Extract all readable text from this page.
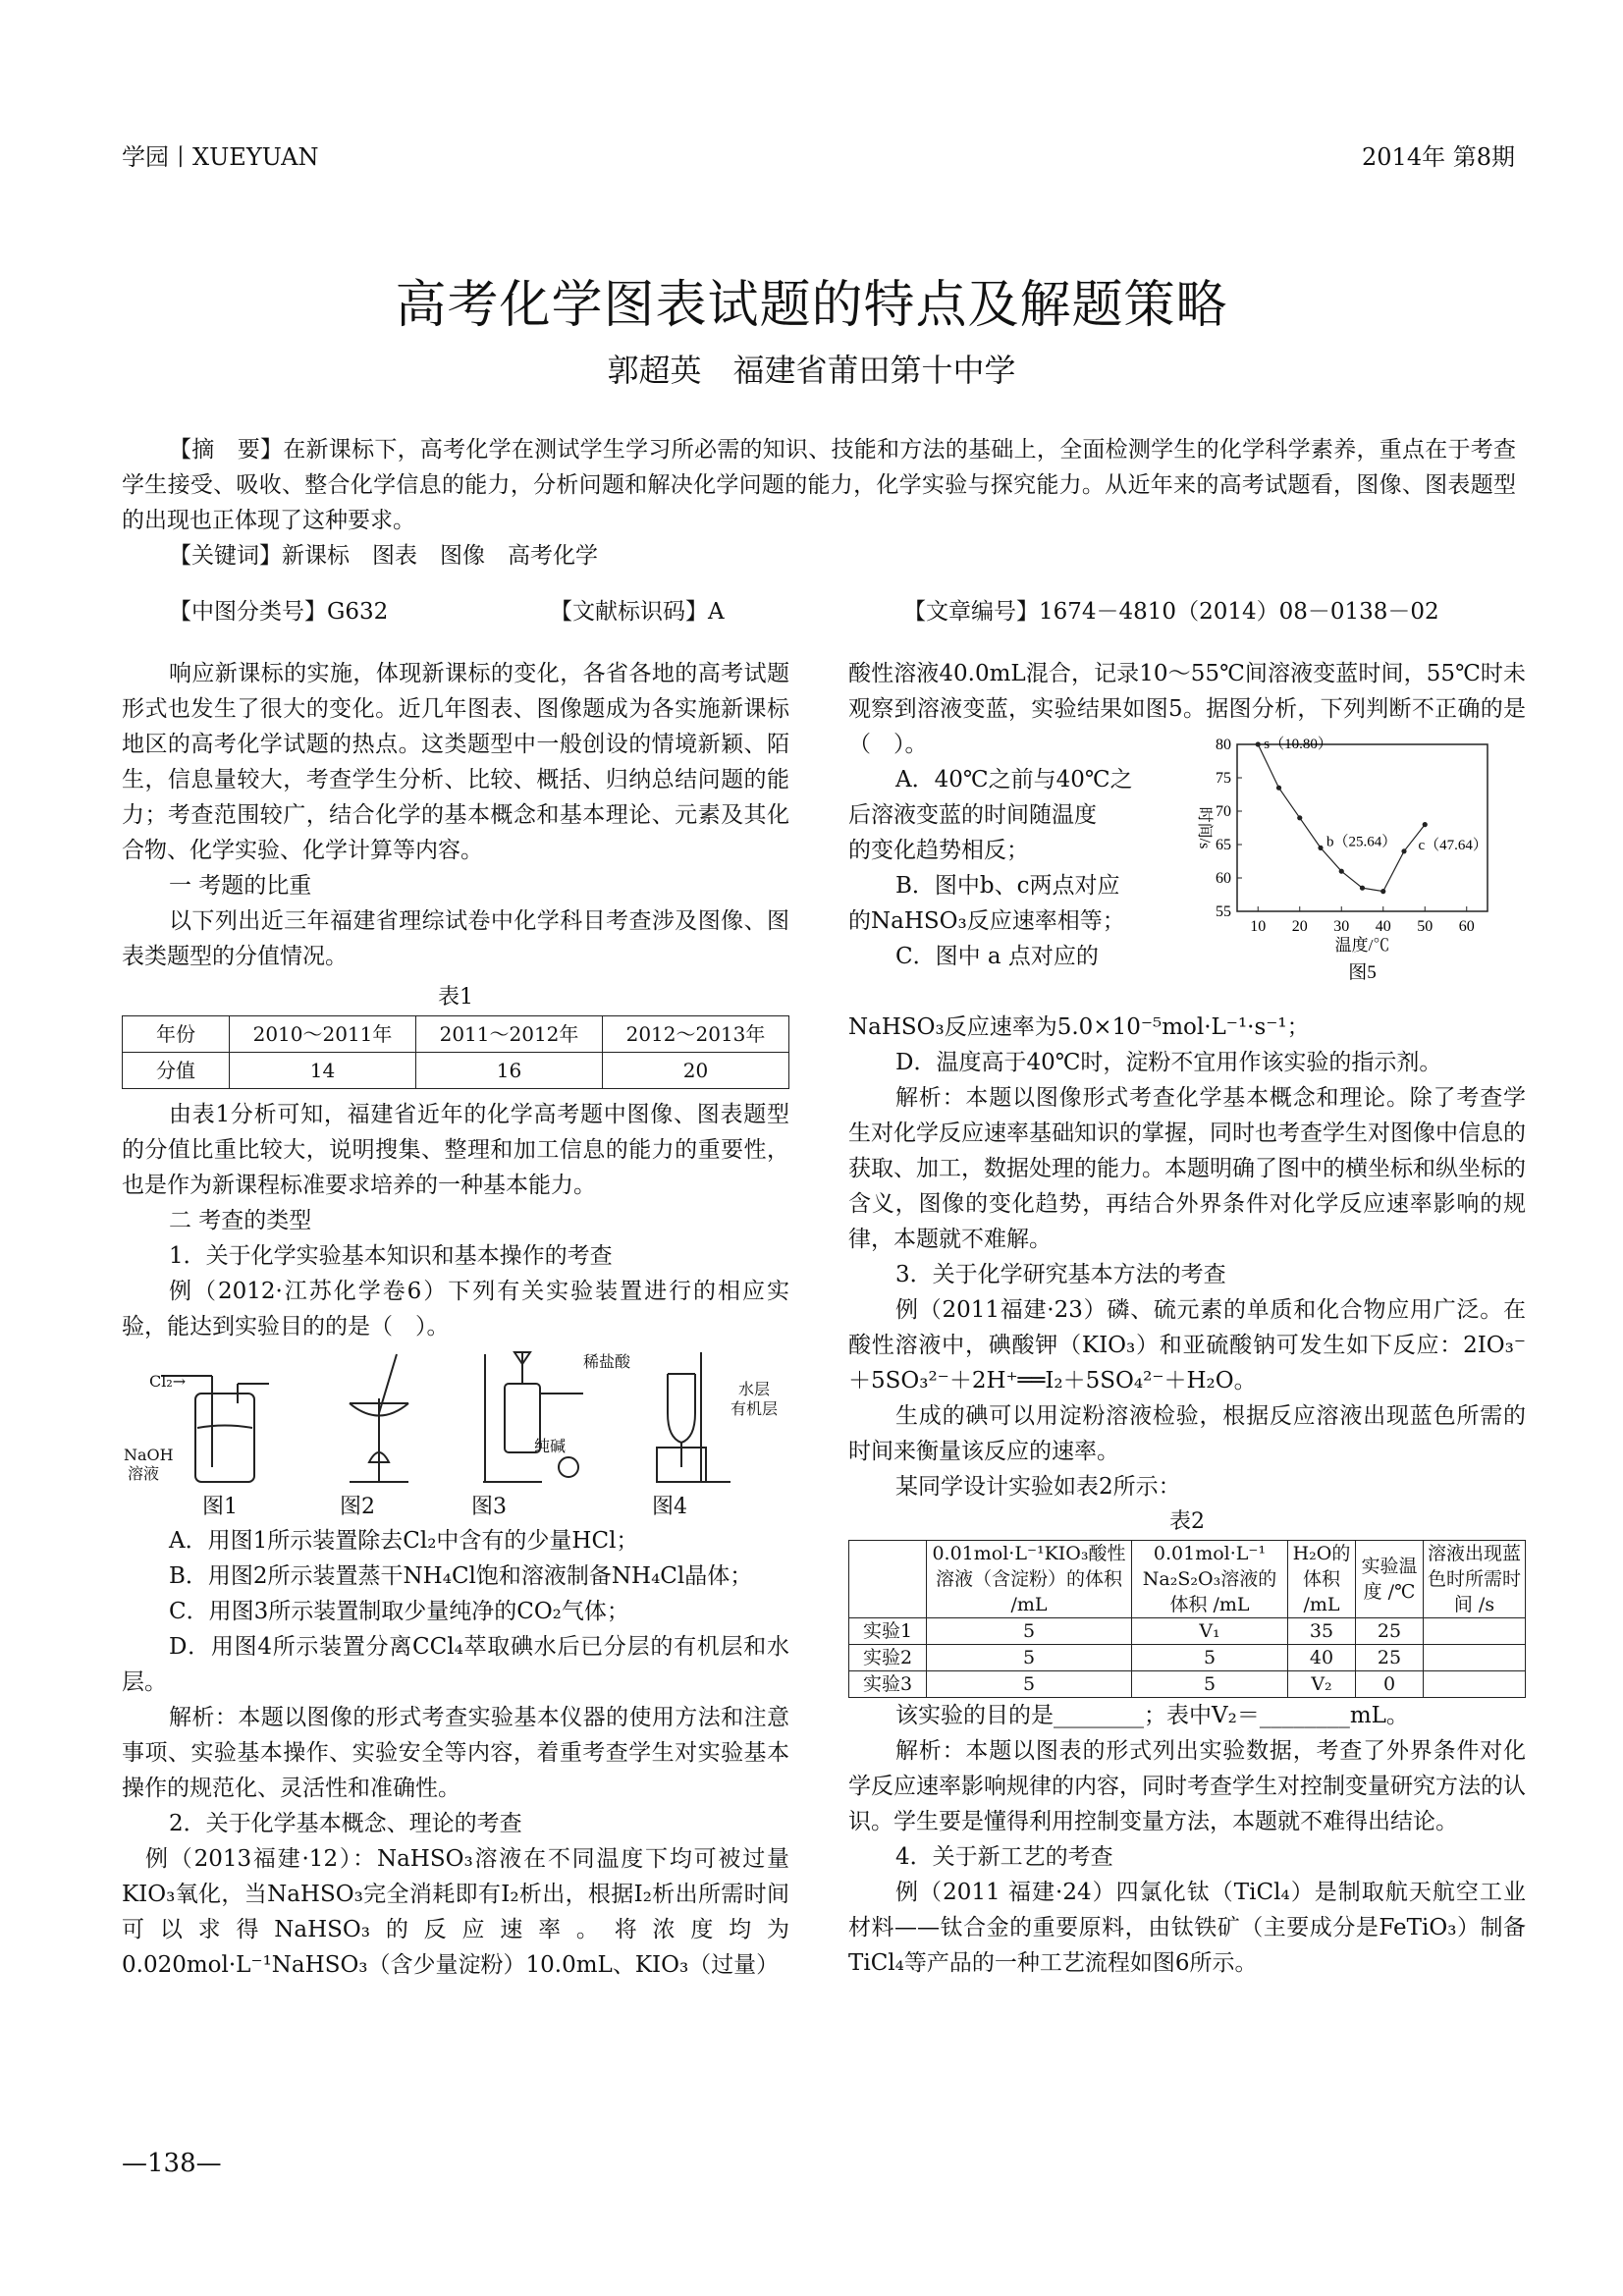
学园丨XUEYUAN	2014年 第8期
高考化学图表试题的特点及解题策略
郭超英　福建省莆田第十中学

【摘　要】在新课标下，高考化学在测试学生学习所必需的知识、技能和方法的基础上，全面检测学生的化学科学素养，重点在于考查学生接受、吸收、整合化学信息的能力，分析问题和解决化学问题的能力，化学实验与探究能力。从近年来的高考试题看，图像、图表题型的出现也正体现了这种要求。

【关键词】新课标　图表　图像　高考化学

【中图分类号】G632	【文献标识码】A	【文章编号】1674－4810（2014）08－0138－02

响应新课标的实施，体现新课标的变化，各省各地的高考试题形式也发生了很大的变化。近几年图表、图像题成为各实施新课标地区的高考化学试题的热点。这类题型中一般创设的情境新颖、陌生，信息量较大，考查学生分析、比较、概括、归纳总结问题的能力；考查范围较广，结合化学的基本概念和基本理论、元素及其化合物、化学实验、化学计算等内容。

一 考题的比重

以下列出近三年福建省理综试卷中化学科目考查涉及图像、图表类题型的分值情况。

表1
年份	2010～2011年	2011～2012年	2012～2013年
分值	14	16	20

由表1分析可知，福建省近年的化学高考题中图像、图表题型的分值比重比较大，说明搜集、整理和加工信息的能力的重要性，也是作为新课程标准要求培养的一种基本能力。

二 考查的类型

1．关于化学实验基本知识和基本操作的考查

例（2012·江苏化学卷6）下列有关实验装置进行的相应实验，能达到实验目的的是（　）。

Cl₂→
NaOH
溶液
稀盐酸
纯碱
水层
有机层
图1	图2	图3	图4

A．用图1所示装置除去Cl₂中含有的少量HCl；

B．用图2所示装置蒸干NH₄Cl饱和溶液制备NH₄Cl晶体；

C．用图3所示装置制取少量纯净的CO₂气体；

D．用图4所示装置分离CCl₄萃取碘水后已分层的有机层和水层。

解析：本题以图像的形式考查实验基本仪器的使用方法和注意事项、实验基本操作、实验安全等内容，着重考查学生对实验基本操作的规范化、灵活性和准确性。

2．关于化学基本概念、理论的考查

例（2013福建·12）：NaHSO₃溶液在不同温度下均可被过量KIO₃氧化，当NaHSO₃完全消耗即有I₂析出，根据I₂析出所需时间可以求得NaHSO₃的反应速率。将浓度均为0.020mol·L⁻¹NaHSO₃（含少量淀粉）10.0mL、KIO₃（过量）

酸性溶液40.0mL混合，记录10～55℃间溶液变蓝时间，55℃时未观察到溶液变蓝，实验结果如图5。据图分析，下列判断不正确的是（　）。

A．40℃之前与40℃之

后溶液变蓝的时间随温度

的变化趋势相反；

B．图中b、c两点对应

的NaHSO₃反应速率相等；

C．图中 a 点对应的

10 20 30 40 50 60
55
60
65
70
75
80 s（10.80）
b（25.64） c（47.64）
时间/s
温度/℃
图5

NaHSO₃反应速率为5.0×10⁻⁵mol·L⁻¹·s⁻¹；

D．温度高于40℃时，淀粉不宜用作该实验的指示剂。

解析：本题以图像形式考查化学基本概念和理论。除了考查学生对化学反应速率基础知识的掌握，同时也考查学生对图像中信息的获取、加工，数据处理的能力。本题明确了图中的横坐标和纵坐标的含义，图像的变化趋势，再结合外界条件对化学反应速率影响的规律，本题就不难解。

3．关于化学研究基本方法的考查

例（2011福建·23）磷、硫元素的单质和化合物应用广泛。在酸性溶液中，碘酸钾（KIO₃）和亚硫酸钠可发生如下反应：2IO₃⁻＋5SO₃²⁻＋2H⁺══I₂＋5SO₄²⁻＋H₂O。

生成的碘可以用淀粉溶液检验，根据反应溶液出现蓝色所需的时间来衡量该反应的速率。

某同学设计实验如表2所示：

表2
	0.01mol·L⁻¹KIO₃酸性溶液（含淀粉）的体积 /mL	0.01mol·L⁻¹ Na₂S₂O₃溶液的体积 /mL	H₂O的体积 /mL	实验温度 /℃	溶液出现蓝色时所需时间 /s
实验1	5	V₁	35	25	
实验2	5	5	40	25	
实验3	5	5	V₂	0	

该实验的目的是________；表中V₂＝________mL。

解析：本题以图表的形式列出实验数据，考查了外界条件对化学反应速率影响规律的内容，同时考查学生对控制变量研究方法的认识。学生要是懂得利用控制变量方法，本题就不难得出结论。

4．关于新工艺的考查

例（2011 福建·24）四氯化钛（TiCl₄）是制取航天航空工业材料——钛合金的重要原料，由钛铁矿（主要成分是FeTiO₃）制备TiCl₄等产品的一种工艺流程如图6所示。

—138—
